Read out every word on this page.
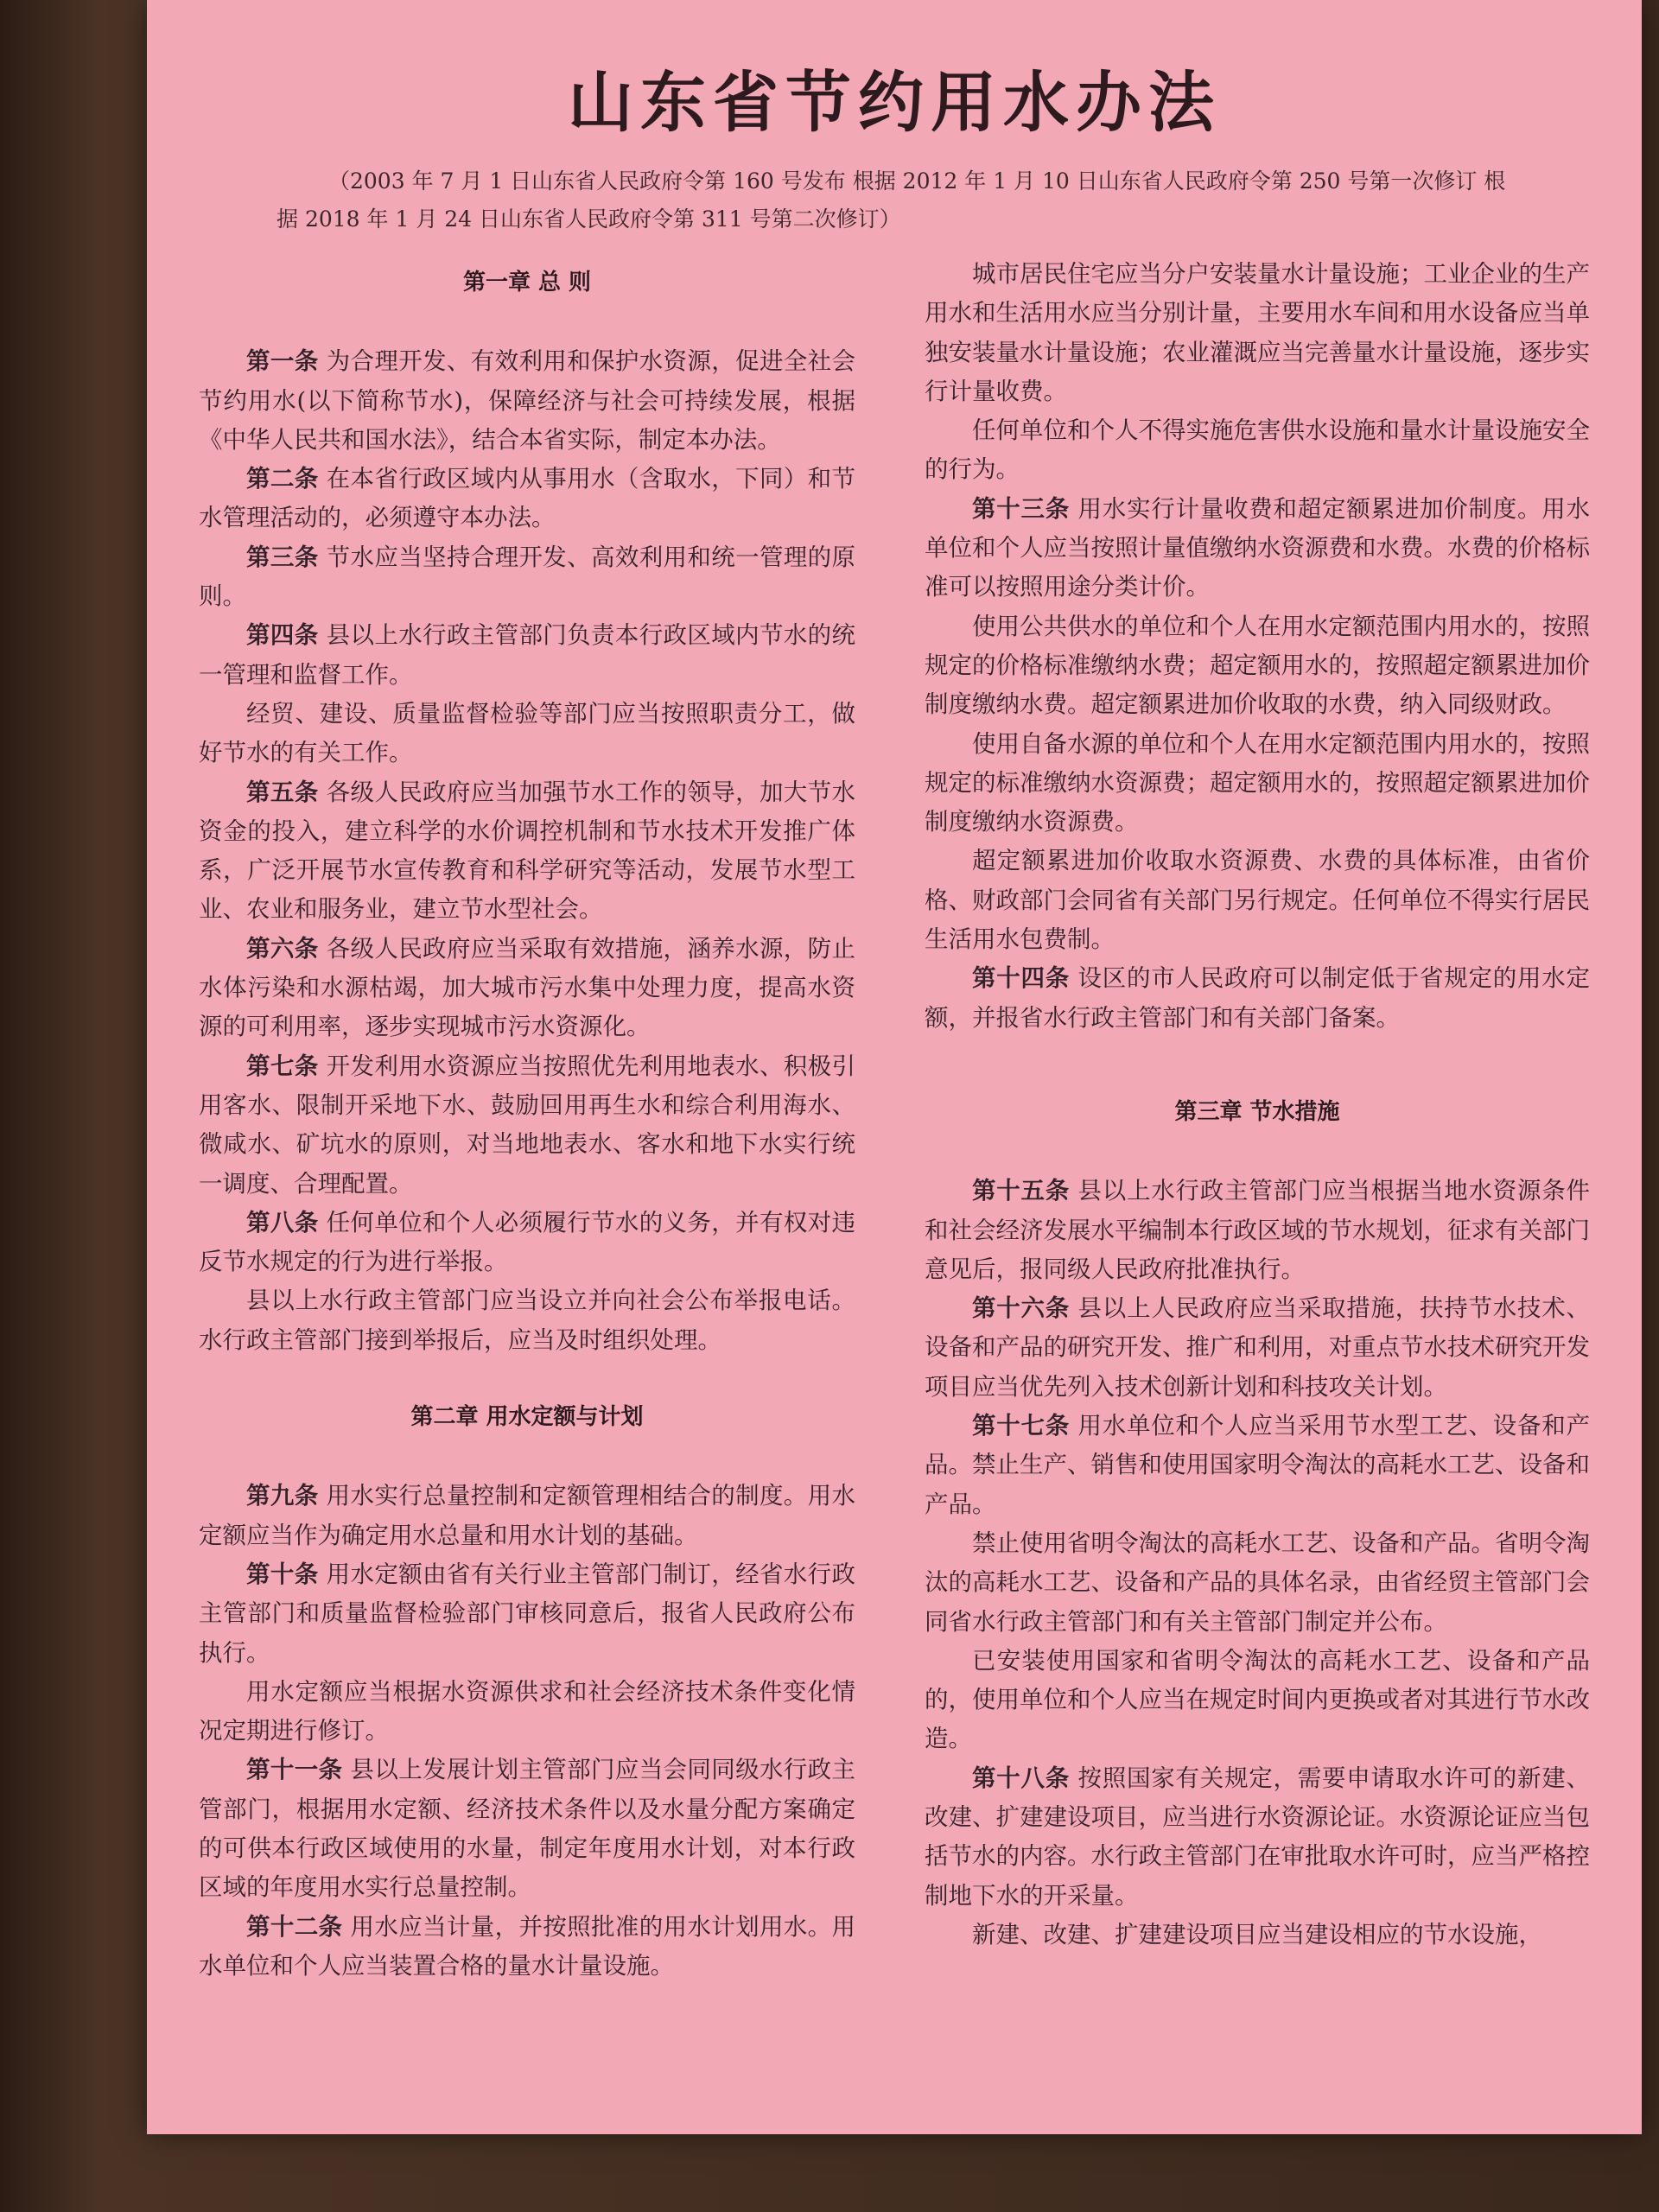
山东省节约用水办法
（2003 年 7 月 1 日山东省人民政府令第 160 号发布 根据 2012 年 1 月 10 日山东省人民政府令第 250 号第一次修订 根据 2018 年 1 月 24 日山东省人民政府令第 311 号第二次修订）
第一章 总 则

第一条 为合理开发、有效利用和保护水资源，促进全社会节约用水(以下简称节水)，保障经济与社会可持续发展，根据《中华人民共和国水法》，结合本省实际，制定本办法。

第二条 在本省行政区域内从事用水（含取水，下同）和节水管理活动的，必须遵守本办法。

第三条 节水应当坚持合理开发、高效利用和统一管理的原则。

第四条 县以上水行政主管部门负责本行政区域内节水的统一管理和监督工作。

经贸、建设、质量监督检验等部门应当按照职责分工，做好节水的有关工作。

第五条 各级人民政府应当加强节水工作的领导，加大节水资金的投入，建立科学的水价调控机制和节水技术开发推广体系，广泛开展节水宣传教育和科学研究等活动，发展节水型工业、农业和服务业，建立节水型社会。

第六条 各级人民政府应当采取有效措施，涵养水源，防止水体污染和水源枯竭，加大城市污水集中处理力度，提高水资源的可利用率，逐步实现城市污水资源化。

第七条 开发利用水资源应当按照优先利用地表水、积极引用客水、限制开采地下水、鼓励回用再生水和综合利用海水、微咸水、矿坑水的原则，对当地地表水、客水和地下水实行统一调度、合理配置。

第八条 任何单位和个人必须履行节水的义务，并有权对违反节水规定的行为进行举报。

县以上水行政主管部门应当设立并向社会公布举报电话。水行政主管部门接到举报后，应当及时组织处理。

第二章 用水定额与计划

第九条 用水实行总量控制和定额管理相结合的制度。用水定额应当作为确定用水总量和用水计划的基础。

第十条 用水定额由省有关行业主管部门制订，经省水行政主管部门和质量监督检验部门审核同意后，报省人民政府公布执行。

用水定额应当根据水资源供求和社会经济技术条件变化情况定期进行修订。

第十一条 县以上发展计划主管部门应当会同同级水行政主管部门，根据用水定额、经济技术条件以及水量分配方案确定的可供本行政区域使用的水量，制定年度用水计划，对本行政区域的年度用水实行总量控制。

第十二条 用水应当计量，并按照批准的用水计划用水。用水单位和个人应当装置合格的量水计量设施。

城市居民住宅应当分户安装量水计量设施；工业企业的生产用水和生活用水应当分别计量，主要用水车间和用水设备应当单独安装量水计量设施；农业灌溉应当完善量水计量设施，逐步实行计量收费。

任何单位和个人不得实施危害供水设施和量水计量设施安全的行为。

第十三条 用水实行计量收费和超定额累进加价制度。用水单位和个人应当按照计量值缴纳水资源费和水费。水费的价格标准可以按照用途分类计价。

使用公共供水的单位和个人在用水定额范围内用水的，按照规定的价格标准缴纳水费；超定额用水的，按照超定额累进加价制度缴纳水费。超定额累进加价收取的水费，纳入同级财政。

使用自备水源的单位和个人在用水定额范围内用水的，按照规定的标准缴纳水资源费；超定额用水的，按照超定额累进加价制度缴纳水资源费。

超定额累进加价收取水资源费、水费的具体标准，由省价格、财政部门会同省有关部门另行规定。任何单位不得实行居民生活用水包费制。

第十四条 设区的市人民政府可以制定低于省规定的用水定额，并报省水行政主管部门和有关部门备案。

第三章 节水措施

第十五条 县以上水行政主管部门应当根据当地水资源条件和社会经济发展水平编制本行政区域的节水规划，征求有关部门意见后，报同级人民政府批准执行。

第十六条 县以上人民政府应当采取措施，扶持节水技术、设备和产品的研究开发、推广和利用，对重点节水技术研究开发项目应当优先列入技术创新计划和科技攻关计划。

第十七条 用水单位和个人应当采用节水型工艺、设备和产品。禁止生产、销售和使用国家明令淘汰的高耗水工艺、设备和产品。

禁止使用省明令淘汰的高耗水工艺、设备和产品。省明令淘汰的高耗水工艺、设备和产品的具体名录，由省经贸主管部门会同省水行政主管部门和有关主管部门制定并公布。

已安装使用国家和省明令淘汰的高耗水工艺、设备和产品的，使用单位和个人应当在规定时间内更换或者对其进行节水改造。

第十八条 按照国家有关规定，需要申请取水许可的新建、改建、扩建建设项目，应当进行水资源论证。水资源论证应当包括节水的内容。水行政主管部门在审批取水许可时，应当严格控制地下水的开采量。

新建、改建、扩建建设项目应当建设相应的节水设施，
